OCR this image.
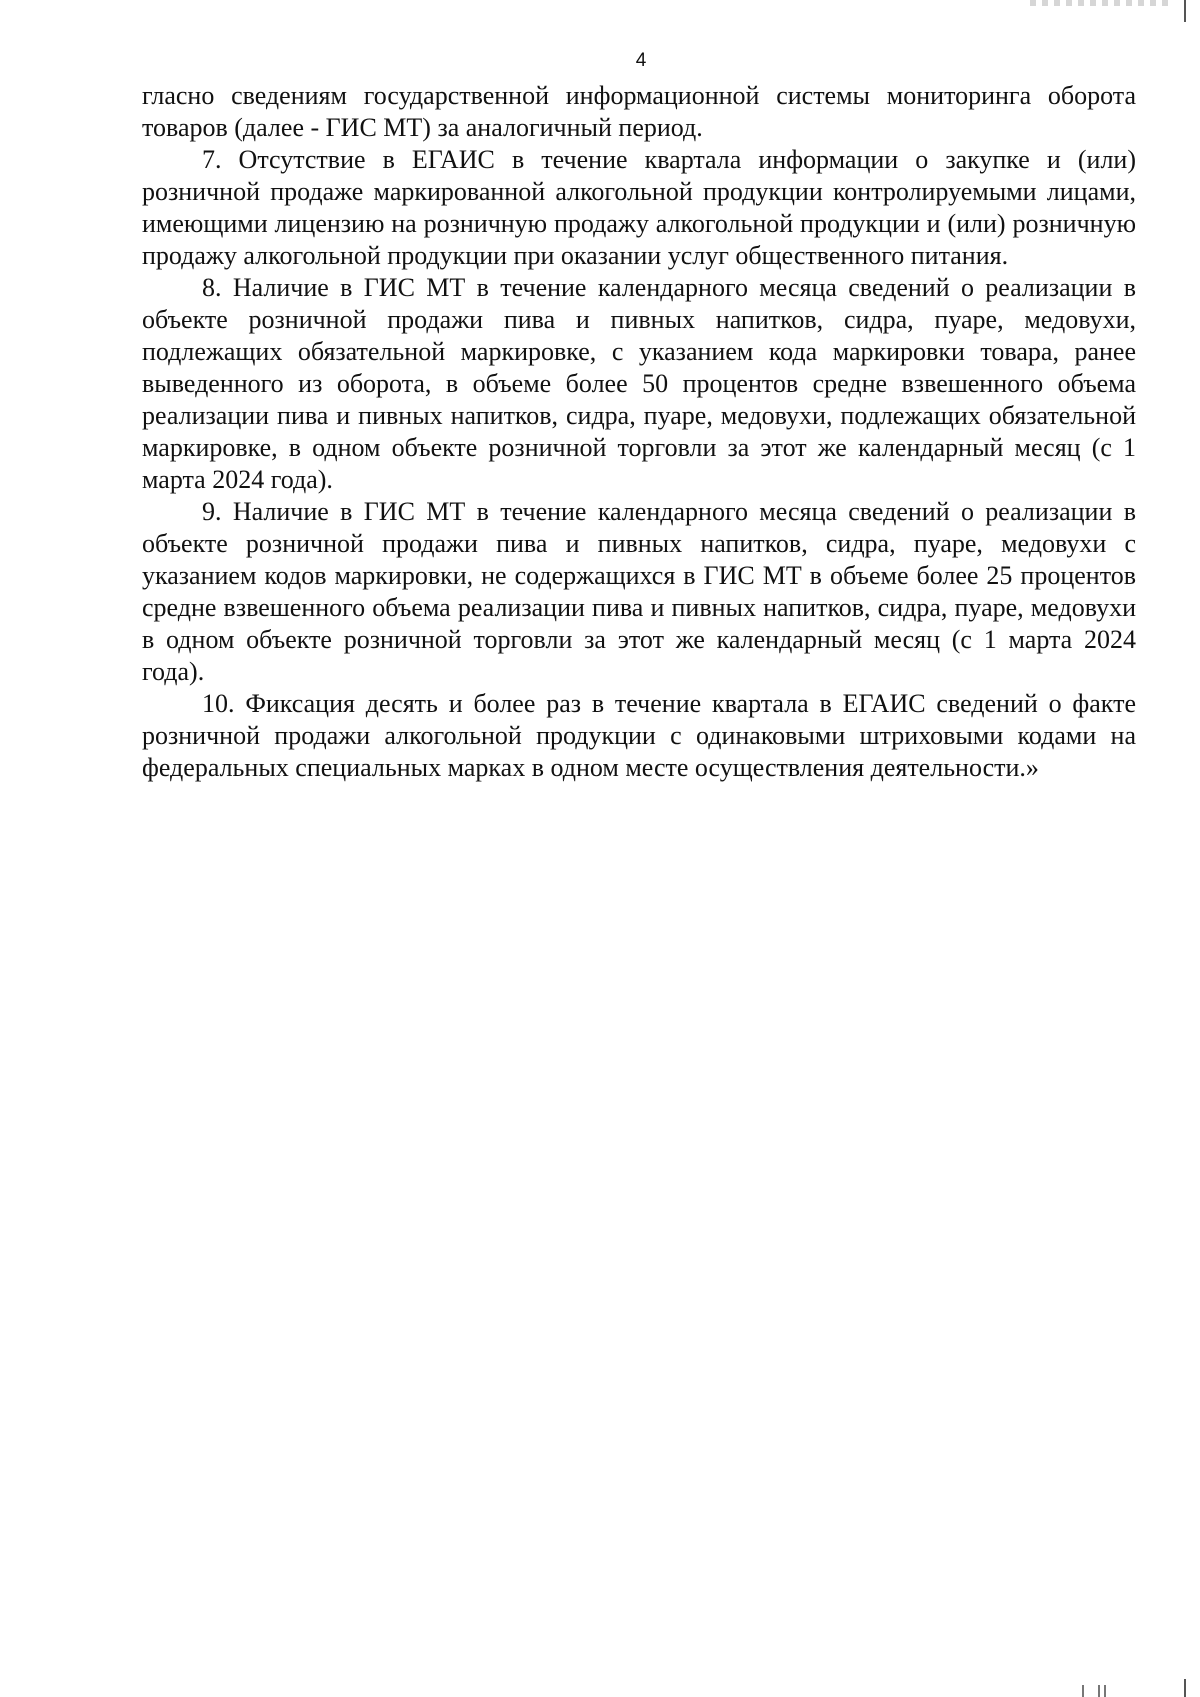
4

гласно сведениям государственной информационной системы мониторинга оборота товаров (далее - ГИС МТ) за аналогичный период.

7. Отсутствие в ЕГАИС в течение квартала информации о закупке и (или) розничной продаже маркированной алкогольной продукции контролируемыми лицами, имеющими лицензию на розничную продажу алкогольной продукции и (или) розничную продажу алкогольной продукции при оказании услуг общественного питания.

8. Наличие в ГИС МТ в течение календарного месяца сведений о реализации в объекте розничной продажи пива и пивных напитков, сидра, пуаре, медовухи, подлежащих обязательной маркировке, с указанием кода маркировки товара, ранее выведенного из оборота, в объеме более 50 процентов средне взвешенного объема реализации пива и пивных напитков, сидра, пуаре, медовухи, подлежащих обязательной маркировке, в одном объекте розничной торговли за этот же календарный месяц (с 1 марта 2024 года).

9. Наличие в ГИС МТ в течение календарного месяца сведений о реализации в объекте розничной продажи пива и пивных напитков, сидра, пуаре, медовухи с указанием кодов маркировки, не содержащихся в ГИС МТ в объеме более 25 процентов средне взвешенного объема реализации пива и пивных напитков, сидра, пуаре, медовухи в одном объекте розничной торговли за этот же календарный месяц (с 1 марта 2024 года).

10. Фиксация десять и более раз в течение квартала в ЕГАИС сведений о факте розничной продажи алкогольной продукции с одинаковыми штриховыми кодами на федеральных специальных марках в одном месте осуществления деятельности.»
